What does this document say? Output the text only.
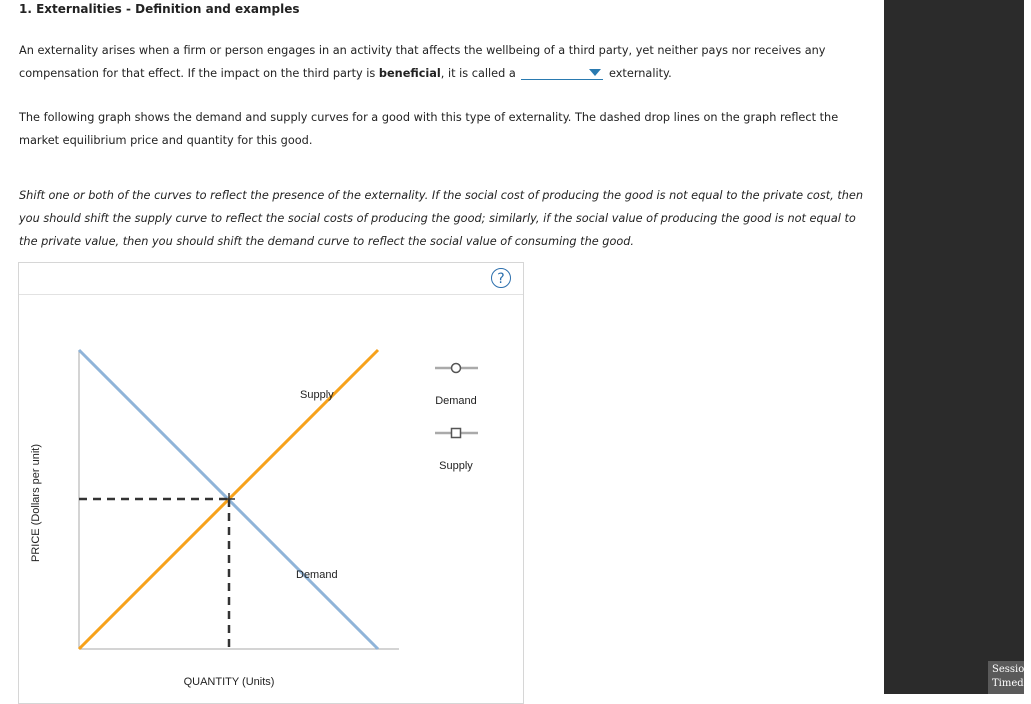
1. Externalities - Definition and examples
An externality arises when a firm or person engages in an activity that affects the wellbeing of a third party, yet neither pays nor receives any compensation for that effect. If the impact on the third party is beneficial, it is called a	externality.
The following graph shows the demand and supply curves for a good with this type of externality. The dashed drop lines on the graph reflect the market equilibrium price and quantity for this good.
Shift one or both of the curves to reflect the presence of the externality. If the social cost of producing the good is not equal to the private cost, then you should shift the supply curve to reflect the social costs of producing the good; similarly, if the social value of producing the good is not equal to the private value, then you should shift the demand curve to reflect the social value of consuming the good.
?
PRICE (Dollars per unit)
QUANTITY (Units)
Supply
Demand
Demand
Supply
Session
Timed
